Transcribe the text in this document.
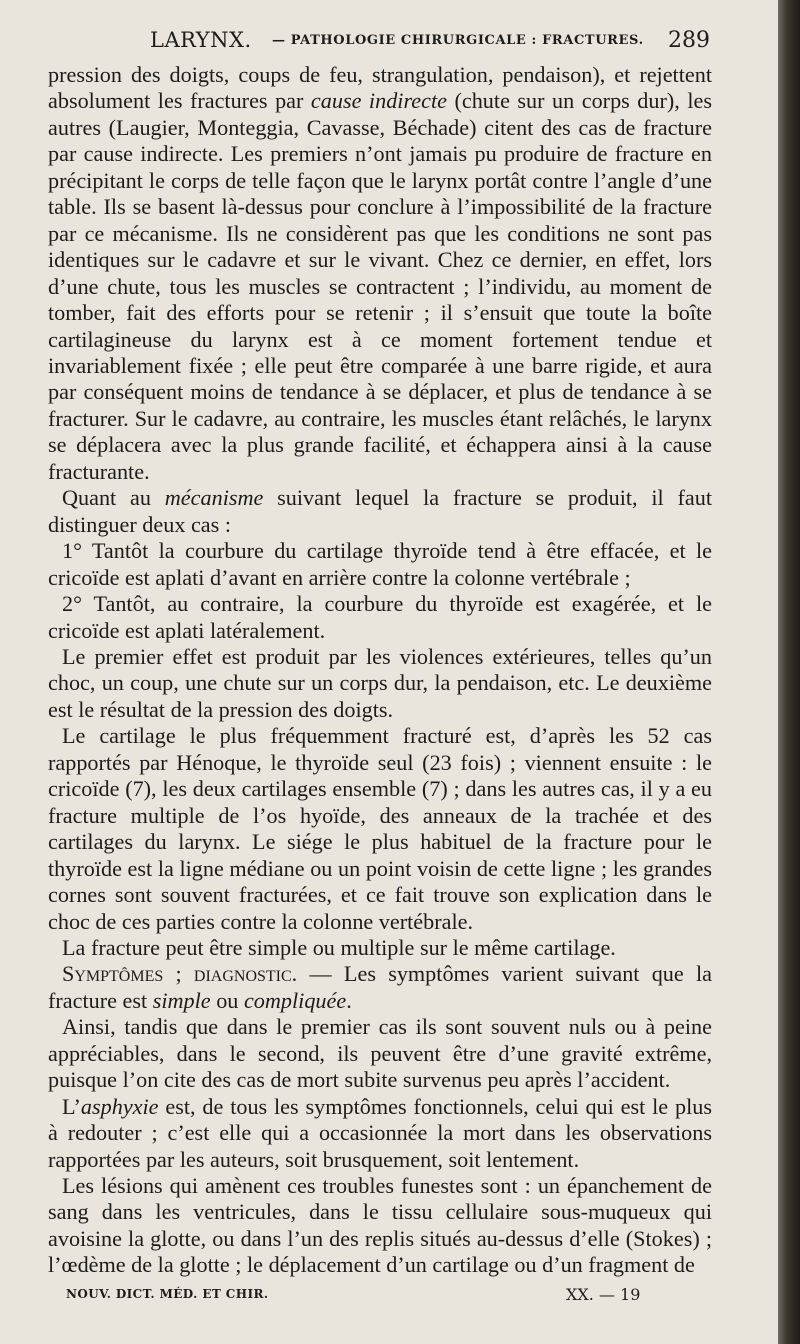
LARYNX. — PATHOLOGIE CHIRURGICALE : FRACTURES. 289

pression des doigts, coups de feu, strangulation, pendaison), et rejettent absolument les fractures par cause indirecte (chute sur un corps dur), les autres (Laugier, Monteggia, Cavasse, Béchade) citent des cas de fracture par cause indirecte. Les premiers n’ont jamais pu produire de fracture en précipitant le corps de telle façon que le larynx portât contre l’angle d’une table. Ils se basent là-dessus pour conclure à l’impossibilité de la fracture par ce mécanisme. Ils ne considèrent pas que les conditions ne sont pas identiques sur le cadavre et sur le vivant. Chez ce dernier, en effet, lors d’une chute, tous les muscles se contractent ; l’individu, au moment de tomber, fait des efforts pour se retenir ; il s’ensuit que toute la boîte cartilagineuse du larynx est à ce moment fortement tendue et invariablement fixée ; elle peut être comparée à une barre rigide, et aura par conséquent moins de tendance à se déplacer, et plus de tendance à se fracturer. Sur le cadavre, au contraire, les muscles étant relâchés, le larynx se déplacera avec la plus grande facilité, et échappera ainsi à la cause fracturante.

Quant au mécanisme suivant lequel la fracture se produit, il faut distinguer deux cas :

1° Tantôt la courbure du cartilage thyroïde tend à être effacée, et le cricoïde est aplati d’avant en arrière contre la colonne vertébrale ;

2° Tantôt, au contraire, la courbure du thyroïde est exagérée, et le cricoïde est aplati latéralement.

Le premier effet est produit par les violences extérieures, telles qu’un choc, un coup, une chute sur un corps dur, la pendaison, etc. Le deuxième est le résultat de la pression des doigts.

Le cartilage le plus fréquemment fracturé est, d’après les 52 cas rapportés par Hénoque, le thyroïde seul (23 fois) ; viennent ensuite : le cricoïde (7), les deux cartilages ensemble (7) ; dans les autres cas, il y a eu fracture multiple de l’os hyoïde, des anneaux de la trachée et des cartilages du larynx. Le siége le plus habituel de la fracture pour le thyroïde est la ligne médiane ou un point voisin de cette ligne ; les grandes cornes sont souvent fracturées, et ce fait trouve son explication dans le choc de ces parties contre la colonne vertébrale.

La fracture peut être simple ou multiple sur le même cartilage.

Symptômes ; diagnostic. — Les symptômes varient suivant que la fracture est simple ou compliquée.

Ainsi, tandis que dans le premier cas ils sont souvent nuls ou à peine appréciables, dans le second, ils peuvent être d’une gravité extrême, puisque l’on cite des cas de mort subite survenus peu après l’accident.

L’asphyxie est, de tous les symptômes fonctionnels, celui qui est le plus à redouter ; c’est elle qui a occasionnée la mort dans les observations rapportées par les auteurs, soit brusquement, soit lentement.

Les lésions qui amènent ces troubles funestes sont : un épanchement de sang dans les ventricules, dans le tissu cellulaire sous-muqueux qui avoisine la glotte, ou dans l’un des replis situés au-dessus d’elle (Stokes) ; l’œdème de la glotte ; le déplacement d’un cartilage ou d’un fragment de

NOUV. DICT. MÉD. ET CHIR.	XX. — 19
